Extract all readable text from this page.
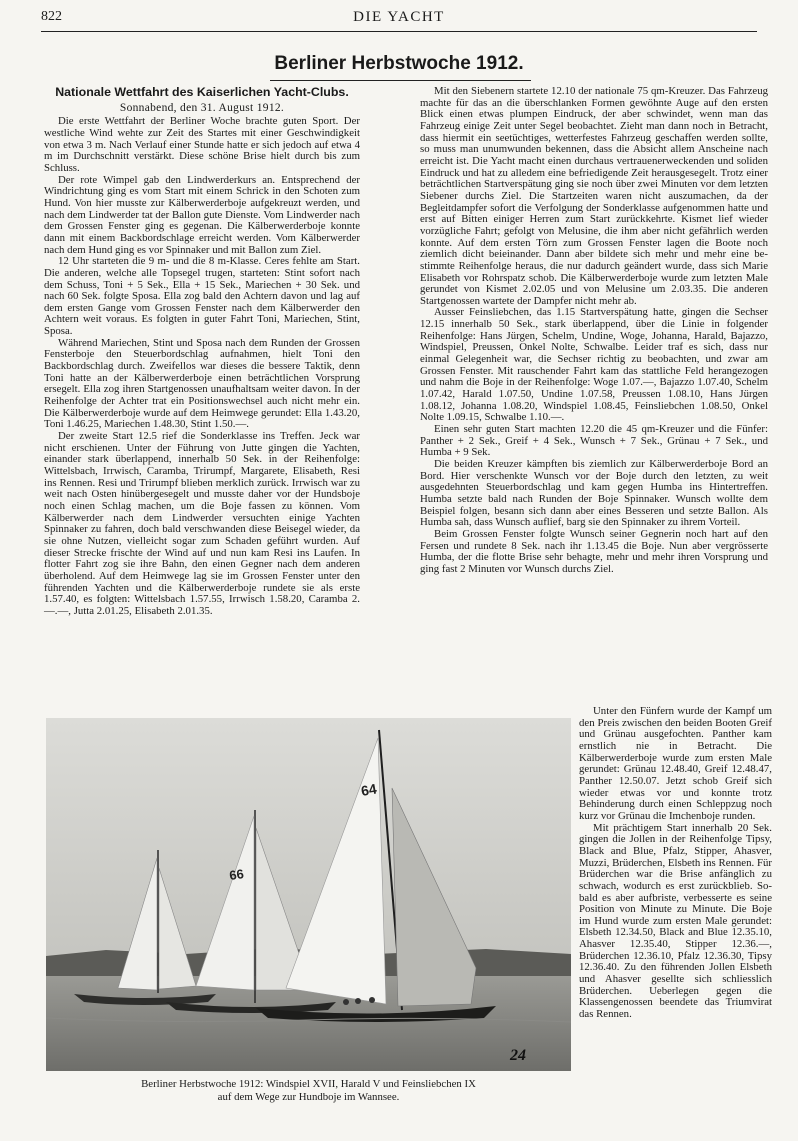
822	DIE YACHT
Berliner Herbstwoche 1912.
Nationale Wettfahrt des Kaiserlichen Yacht-Clubs.
Sonnabend, den 31. August 1912.

Die erste Wettfahrt der Berliner Woche brachte guten Sport. Der westliche Wind wehte zur Zeit des Startes mit einer Geschwindigkeit von etwa 3 m. Nach Verlauf einer Stunde hatte er sich jedoch auf etwa 4 m im Durchschnitt verstärkt. Diese schöne Brise hielt durch bis zum Schluss.

Der rote Wimpel gab den Lindwerderkurs an. Entsprechend der Windrichtung ging es vom Start mit einem Schrick in den Schoten zum Hund. Von hier musste zur Kälberwerderboje aufgekreuzt werden, und nach dem Lindwerder tat der Ballon gute Dienste. Vom Lindwerder nach dem Grossen Fenster ging es gegenan. Die Kälberwerderboje konnte dann mit einem Backbordschlage erreicht werden. Vom Kälberwerder nach dem Hund ging es vor Spinnaker und mit Ballon zum Ziel.

12 Uhr starteten die 9 m- und die 8 m-Klasse. Ceres fehlte am Start. Die anderen, welche alle Topsegel trugen, starteten: Stint sofort nach dem Schuss, Toni + 5 Sek., Ella + 15 Sek., Mariechen + 30 Sek. und nach 60 Sek. folgte Sposa. Ella zog bald den Achtern davon und lag auf dem ersten Gange vom Grossen Fenster nach dem Kälberwerder den Achtern weit voraus. Es folgten in guter Fahrt Toni, Mariechen, Stint, Sposa.

Während Mariechen, Stint und Sposa nach dem Runden der Grossen Fensterboje den Steuerbordschlag aufnahmen, hielt Toni den Backbordschlag durch. Zweifellos war dieses die bessere Taktik, denn Toni hatte an der Kälberwerderboje einen beträchtlichen Vorsprung ersegelt. Ella zog ihren Startgenossen unaufhaltsam weiter davon. In der Reihenfolge der Achter trat ein Positionswechsel auch nicht mehr ein. Die Kälberwerderboje wurde auf dem Heimwege gerundet: Ella 1.43.20, Toni 1.46.25, Mariechen 1.48.30, Stint 1.50.—.

Der zweite Start 12.5 rief die Sonderklasse ins Treffen. Jeck war nicht erschienen. Unter der Führung von Jutte gingen die Yachten, einander stark überlappend, innerhalb 50 Sek. in der Reihenfolge: Wittelsbach, Irrwisch, Caramba, Trirumpf, Margarete, Elisabeth, Resi ins Rennen. Resi und Trirumpf blieben merklich zurück. Irrwisch war zu weit nach Osten hinübergesegelt und musste daher vor der Hundsboje noch einen Schlag machen, um die Boje fassen zu können. Vom Kälberwerder nach dem Lindwerder versuchten einige Yachten Spinnaker zu fahren, doch bald verschwanden diese Beisegel wieder, da sie ohne Nutzen, vielleicht sogar zum Schaden geführt wurden. Auf dieser Strecke frischte der Wind auf und nun kam Resi ins Laufen. In flotter Fahrt zog sie ihre Bahn, den einen Gegner nach dem anderen überholend. Auf dem Heimwege lag sie im Grossen Fenster unter den führenden Yachten und die Kälberwerderboje rundete sie als erste 1.57.40, es folgten: Wittelsbach 1.57.55, Irrwisch 1.58.20, Caramba 2.—.—, Jutta 2.01.25, Elisabeth 2.01.35.

Mit den Siebenern startete 12.10 der nationale 75 qm-Kreuzer. Das Fahrzeug machte für das an die überschlanken Formen gewöhnte Auge auf den ersten Blick einen etwas plumpen Eindruck, der aber schwindet, wenn man das Fahrzeug einige Zeit unter Segel beobachtet. Zieht man dann noch in Betracht, dass hiermit ein seetüchtiges, wetterfestes Fahrzeug geschaffen werden sollte, so muss man unumwunden bekennen, dass die Absicht allem Anscheine nach erreicht ist. Die Yacht macht einen durchaus vertrauenerweckenden und soliden Eindruck und hat zu alledem eine befriedigende Zeit herausgesegelt. Trotz einer beträchtlichen Startverspätung ging sie noch über zwei Minuten vor dem letzten Siebener durchs Ziel. Die Startzeiten waren nicht auszumachen, da der Begleitdampfer sofort die Verfolgung der Sonderklasse aufgenommen hatte und erst auf Bitten einiger Herren zum Start zurückkehrte. Kismet lief wieder vorzügliche Fahrt; gefolgt von Melusine, die ihm aber nicht gefährlich werden konnte. Auf dem ersten Törn zum Grossen Fenster lagen die Boote noch ziemlich dicht beieinander. Dann aber bildete sich mehr und mehr eine bestimmte Reihenfolge heraus, die nur dadurch geändert wurde, dass sich Marie Elisabeth vor Rohrspatz schob. Die Kälberwerderboje wurde zum letzten Male gerundet von Kismet 2.02.05 und von Melusine um 2.03.35. Die anderen Startgenossen wartete der Dampfer nicht mehr ab.

Ausser Feinsliebchen, das 1.15 Startverspätung hatte, gingen die Sechser 12.15 innerhalb 50 Sek., stark überlappend, über die Linie in folgender Reihenfolge: Hans Jürgen, Schelm, Undine, Woge, Johanna, Harald, Bajazzo, Windspiel, Preussen, Onkel Nolte, Schwalbe. Leider traf es sich, dass nur einmal Gelegenheit war, die Sechser richtig zu beobachten, und zwar am Grossen Fenster. Mit rauschender Fahrt kam das stattliche Feld herangezogen und nahm die Boje in der Reihenfolge: Woge 1.07.—, Bajazzo 1.07.40, Schelm 1.07.42, Harald 1.07.50, Undine 1.07.58, Preussen 1.08.10, Hans Jürgen 1.08.12, Johanna 1.08.20, Windspiel 1.08.45, Feinsliebchen 1.08.50, Onkel Nolte 1.09.15, Schwalbe 1.10.—.

Einen sehr guten Start machten 12.20 die 45 qm-Kreuzer und die Fünfer: Panther + 2 Sek., Greif + 4 Sek., Wunsch + 7 Sek., Grünau + 7 Sek., und Humba + 9 Sek.

Die beiden Kreuzer kämpften bis ziemlich zur Kälberwerderboje Bord an Bord. Hier verschenkte Wunsch vor der Boje durch den letzten, zu weit ausgedehnten Steuerbordschlag und kam gegen Humba ins Hintertreffen. Humba setzte bald nach Runden der Boje Spinnaker. Wunsch wollte dem Beispiel folgen, besann sich dann aber eines Besseren und setzte Ballon. Als Humba sah, dass Wunsch auflief, barg sie den Spinnaker zu ihrem Vorteil.

Beim Grossen Fenster folgte Wunsch seiner Gegnerin noch hart auf den Fersen und rundete 8 Sek. nach ihr 1.13.45 die Boje. Nun aber vergrösserte Humba, der die flotte Brise sehr behagte, mehr und mehr ihren Vorsprung und ging fast 2 Minuten vor Wunsch durchs Ziel.

Unter den Fünfern wurde der Kampf um den Preis zwischen den beiden Booten Greif und Grünau ausgefochten. Panther kam ernstlich nie in Betracht. Die Kälberwerderboje wurde zum ersten Male gerundet: Grünau 12.48.40, Greif 12.48.47, Panther 12.50.07. Jetzt schob Greif sich wieder etwas vor und konnte trotz Behinderung durch einen Schleppzug noch kurz vor Grünau die Imchenboje runden.

Mit prächtigem Start innerhalb 20 Sek. gingen die Jollen in der Reihenfolge Tipsy, Black and Blue, Pfalz, Stipper, Ahasver, Muzzi, Brüderchen, Elsbeth ins Rennen. Für Brüderchen war die Brise anfänglich zu schwach, wodurch es erst zurückblieb. Sobald es aber aufbriste, verbesserte es seine Position von Minute zu Minute. Die Boje im Hund wurde zum ersten Male gerundet: Elsbeth 12.34.50, Black and Blue 12.35.10, Ahasver 12.35.40, Stipper 12.36.—, Brüderchen 12.36.10, Pfalz 12.36.30, Tipsy 12.36.40. Zu den führenden Jollen Elsbeth und Ahasver gesellte sich schliesslich Brüderchen. Ueberlegen gegen die Klassengenossen beendete das Triumvirat das Rennen.

66
64
24
Berliner Herbstwoche 1912: Windspiel XVII, Harald V und Feinsliebchen IX
auf dem Wege zur Hundboje im Wannsee.
